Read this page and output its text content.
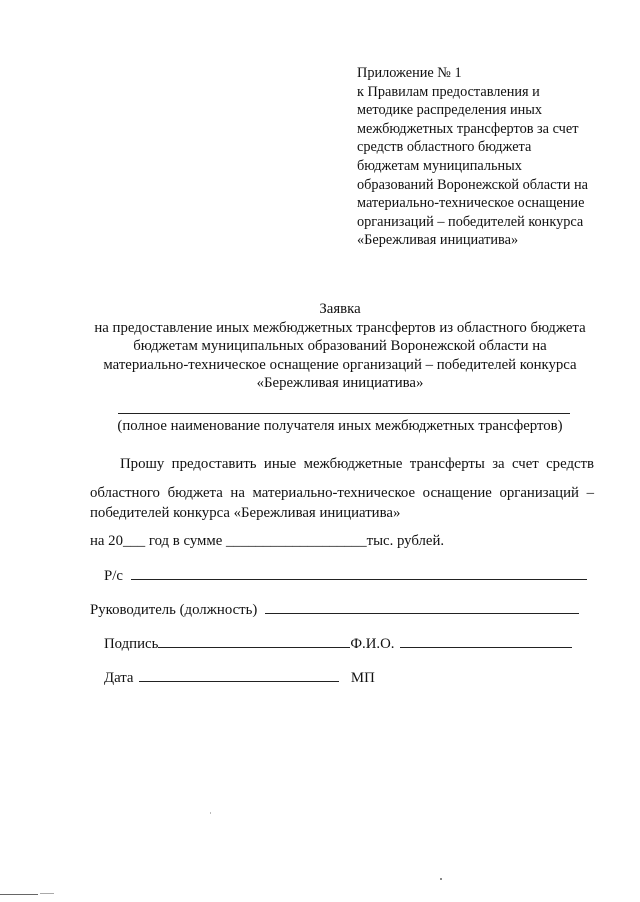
Приложение № 1
к Правилам предоставления и
методике распределения иных
межбюджетных трансфертов за счет
средств областного бюджета
бюджетам муниципальных
образований Воронежской области на
материально-техническое оснащение
организаций – победителей конкурса
«Бережливая инициатива»
Заявка
на предоставление иных межбюджетных трансфертов из областного бюджета
бюджетам муниципальных образований Воронежской области на
материально-техническое оснащение организаций – победителей конкурса
«Бережливая инициатива»
(полное наименование получателя иных межбюджетных трансфертов)
Прошу предоставить иные межбюджетные трансферты за счет средств
областного бюджета на материально-техническое оснащение организаций –
победителей конкурса «Бережливая инициатива»
на 20___ год в сумме ___________________тыс. рублей.
Р/с
Руководитель (должность)
Подпись	Ф.И.О.
Дата	МП
